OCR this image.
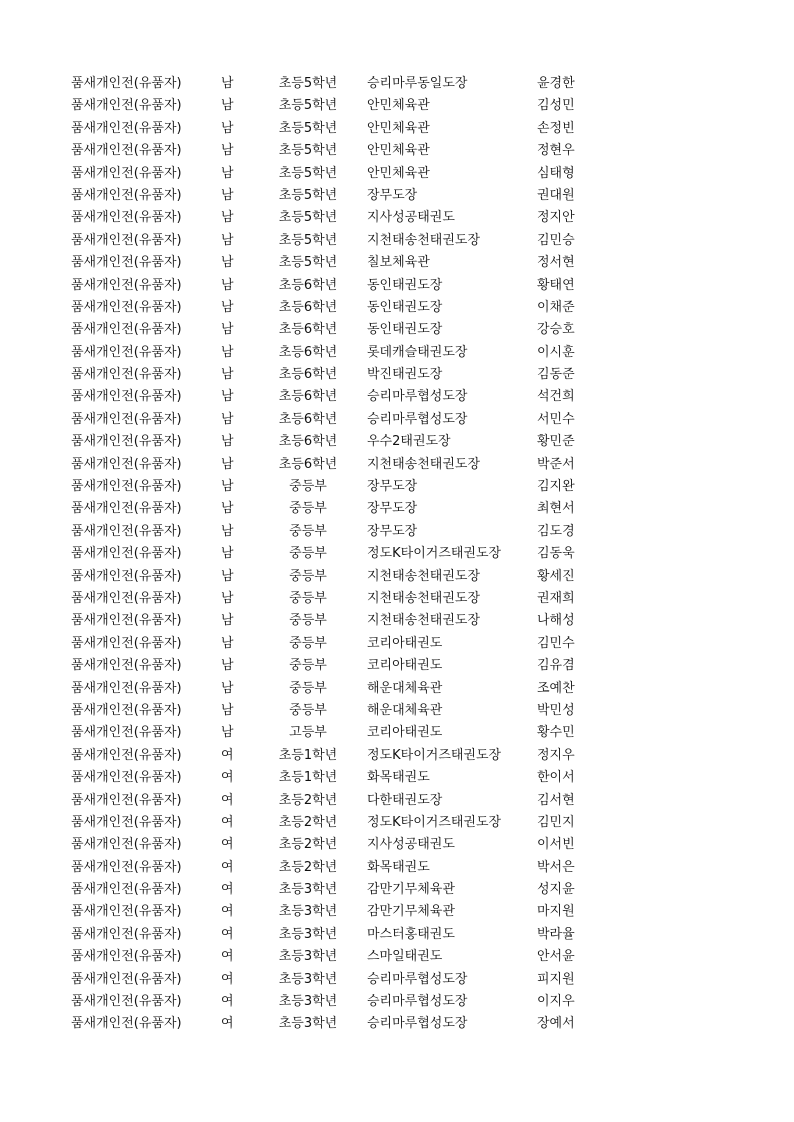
품새개인전(유품자)	남	초등5학년	승리마루동일도장	윤경한
품새개인전(유품자)	남	초등5학년	안민체육관	김성민
품새개인전(유품자)	남	초등5학년	안민체육관	손정빈
품새개인전(유품자)	남	초등5학년	안민체육관	정현우
품새개인전(유품자)	남	초등5학년	안민체육관	심태형
품새개인전(유품자)	남	초등5학년	장무도장	권대원
품새개인전(유품자)	남	초등5학년	지사성공태권도	정지안
품새개인전(유품자)	남	초등5학년	지천태송천태권도장	김민승
품새개인전(유품자)	남	초등5학년	칠보체육관	정서현
품새개인전(유품자)	남	초등6학년	동인태권도장	황태연
품새개인전(유품자)	남	초등6학년	동인태권도장	이채준
품새개인전(유품자)	남	초등6학년	동인태권도장	강승호
품새개인전(유품자)	남	초등6학년	롯데캐슬태권도장	이시훈
품새개인전(유품자)	남	초등6학년	박진태권도장	김동준
품새개인전(유품자)	남	초등6학년	승리마루협성도장	석건희
품새개인전(유품자)	남	초등6학년	승리마루협성도장	서민수
품새개인전(유품자)	남	초등6학년	우수2태권도장	황민준
품새개인전(유품자)	남	초등6학년	지천태송천태권도장	박준서
품새개인전(유품자)	남	중등부	장무도장	김지완
품새개인전(유품자)	남	중등부	장무도장	최현서
품새개인전(유품자)	남	중등부	장무도장	김도경
품새개인전(유품자)	남	중등부	정도K타이거즈태권도장	김동욱
품새개인전(유품자)	남	중등부	지천태송천태권도장	황세진
품새개인전(유품자)	남	중등부	지천태송천태권도장	권재희
품새개인전(유품자)	남	중등부	지천태송천태권도장	나해성
품새개인전(유품자)	남	중등부	코리아태권도	김민수
품새개인전(유품자)	남	중등부	코리아태권도	김유겸
품새개인전(유품자)	남	중등부	해운대체육관	조예찬
품새개인전(유품자)	남	중등부	해운대체육관	박민성
품새개인전(유품자)	남	고등부	코리아태권도	황수민
품새개인전(유품자)	여	초등1학년	정도K타이거즈태권도장	정지우
품새개인전(유품자)	여	초등1학년	화목태권도	한이서
품새개인전(유품자)	여	초등2학년	다한태권도장	김서현
품새개인전(유품자)	여	초등2학년	정도K타이거즈태권도장	김민지
품새개인전(유품자)	여	초등2학년	지사성공태권도	이서빈
품새개인전(유품자)	여	초등2학년	화목태권도	박서은
품새개인전(유품자)	여	초등3학년	감만기무체육관	성지윤
품새개인전(유품자)	여	초등3학년	감만기무체육관	마지원
품새개인전(유품자)	여	초등3학년	마스터홍태권도	박라율
품새개인전(유품자)	여	초등3학년	스마일태권도	안서윤
품새개인전(유품자)	여	초등3학년	승리마루협성도장	피지원
품새개인전(유품자)	여	초등3학년	승리마루협성도장	이지우
품새개인전(유품자)	여	초등3학년	승리마루협성도장	장예서
